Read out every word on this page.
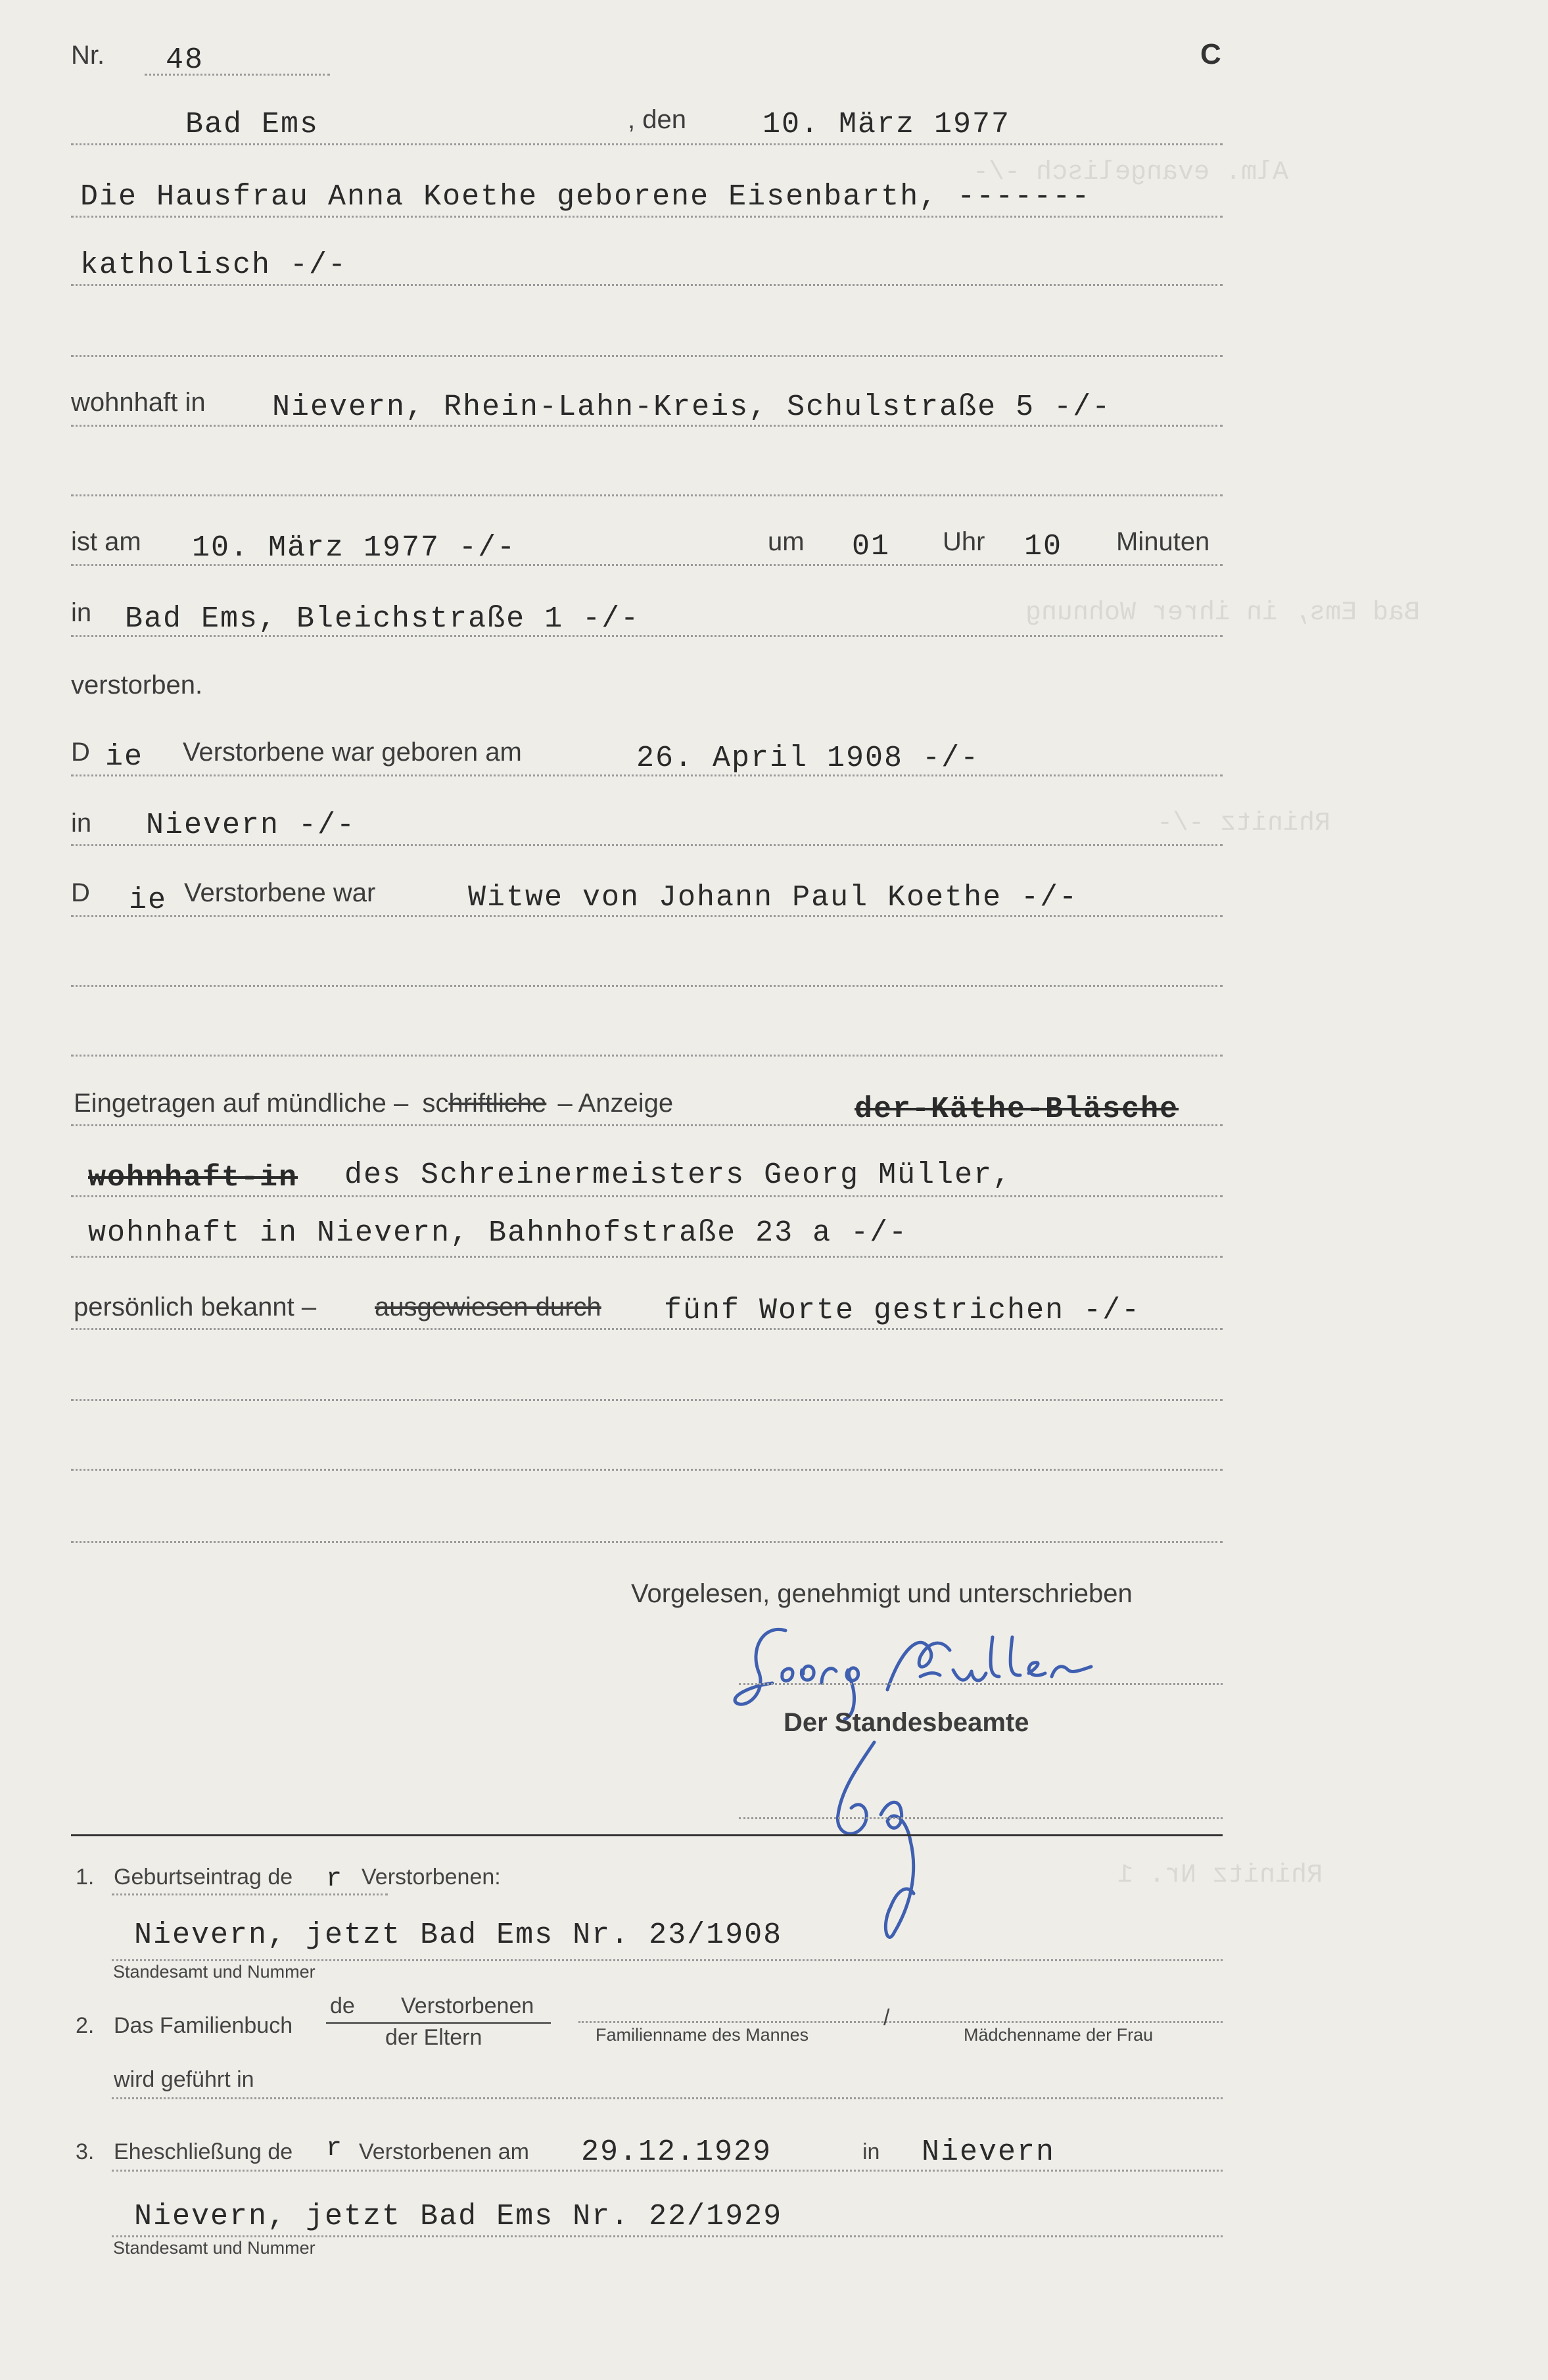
Alm. evangelisch -/-
Bad Ems, in ihrer Wohnung
Rhinitz -/-
Rhinitz Nr. 1
Nr. 48	C
Bad Ems	, den	10. März 1977
Die Hausfrau Anna Koethe geborene Eisenbarth, -------
katholisch -/-
wohnhaft in Nievern, Rhein-Lahn-Kreis, Schulstraße 5 -/-
ist am 10. März 1977 -/-	um 01 Uhr 10 Minuten
in Bad Ems, Bleichstraße 1 -/-
verstorben.
D ie Verstorbene war geboren am	26. April 1908 -/-
in Nievern -/-
D ie Verstorbene war	Witwe von Johann Paul Koethe -/-
Eingetragen auf mündliche – schriftliche – Anzeige	der-Käthe-Bläsche
wohnhaft-in des Schreinermeisters Georg Müller,
wohnhaft in Nievern, Bahnhofstraße 23 a -/-
persönlich bekannt – ausgewiesen durch fünf Worte gestrichen -/-
Vorgelesen, genehmigt und unterschrieben
Der Standesbeamte
1. Geburtseintrag de r Verstorbenen:
Nievern, jetzt Bad Ems Nr. 23/1908
Standesamt und Nummer
2. Das Familienbuch
de Verstorbenen
der Eltern	Familienname des Mannes
/
Mädchenname der Frau
wird geführt in
3. Eheschließung de r Verstorbenen am 29.12.1929	in Nievern
Nievern, jetzt Bad Ems Nr. 22/1929
Standesamt und Nummer
